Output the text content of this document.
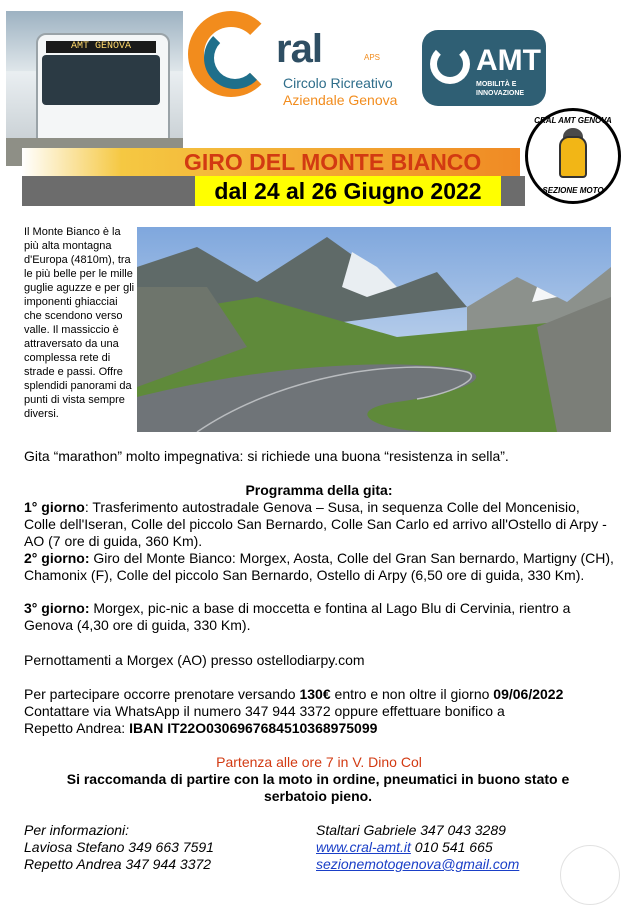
AMT GENOVA	ral	APS
Circolo Ricreativo
Aziendale Genova
AMT
MOBILITÀ E INNOVAZIONE
CRAL AMT GENOVA
SEZIONE MOTO
GIRO DEL MONTE BIANCO
dal 24 al 26 Giugno 2022
Il Monte Bianco è la più alta montagna d'Europa (4810m), tra le più belle per le mille guglie aguzze e per gli imponenti ghiacciai che scendono verso valle. Il massiccio è attraversato da una complessa rete di strade e passi. Offre splendidi panorami da punti di vista sempre diversi.
Gita “marathon” molto impegnativa: si richiede una buona “resistenza in sella”.
Programma della gita:
1° giorno: Trasferimento autostradale Genova – Susa, in sequenza Colle del Moncenisio, Colle dell'Iseran, Colle del piccolo San Bernardo, Colle San Carlo ed arrivo all'Ostello di Arpy - AO (7 ore di guida, 360 Km).
2° giorno: Giro del Monte Bianco: Morgex, Aosta, Colle del Gran San bernardo, Martigny (CH), Chamonix (F), Colle del piccolo San Bernardo, Ostello di Arpy (6,50 ore di guida, 330 Km).
3° giorno: Morgex, pic-nic a base di moccetta e fontina al Lago Blu di Cervinia, rientro a Genova (4,30 ore di guida, 330 Km).
Pernottamenti a Morgex (AO) presso ostellodiarpy.com
Per partecipare occorre prenotare versando 130€ entro e non oltre il giorno 09/06/2022
Contattare via WhatsApp il numero 347 944 3372 oppure effettuare bonifico a
Repetto Andrea: IBAN IT22O0306967684510368975099
Partenza alle ore 7 in V. Dino Col
Si raccomanda di partire con la moto in ordine, pneumatici in buono stato e serbatoio pieno.
Per informazioni:
Laviosa Stefano 349 663 7591
Repetto Andrea 347 944 3372
Staltari Gabriele 347 043 3289
www.cral-amt.it 010 541 665
sezionemotogenova@gmail.com
